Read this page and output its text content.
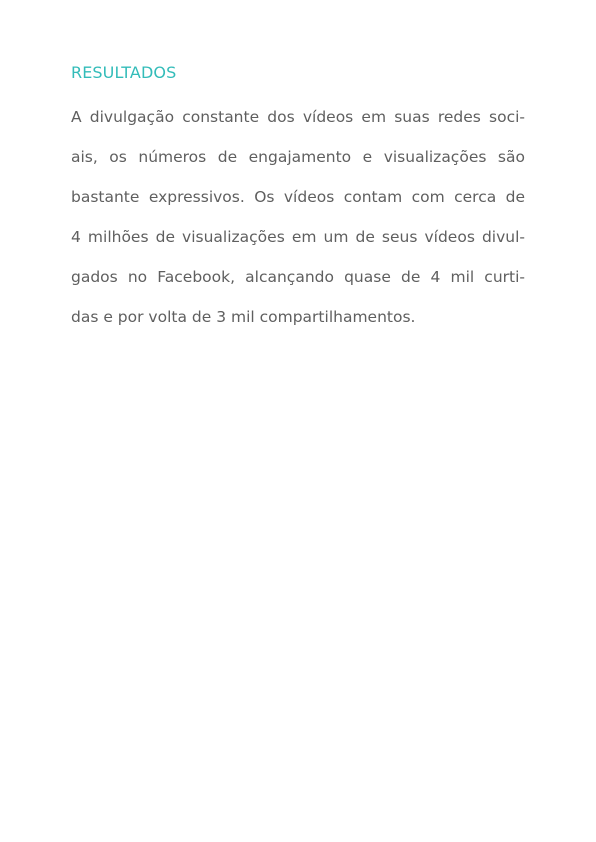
RESULTADOS
A divulgação constante dos vídeos em suas redes soci-
ais, os números de engajamento e visualizações são
bastante expressivos. Os vídeos contam com cerca de
4 milhões de visualizações em um de seus vídeos divul-
gados no Facebook, alcançando quase de 4 mil curti-
das e por volta de 3 mil compartilhamentos.
